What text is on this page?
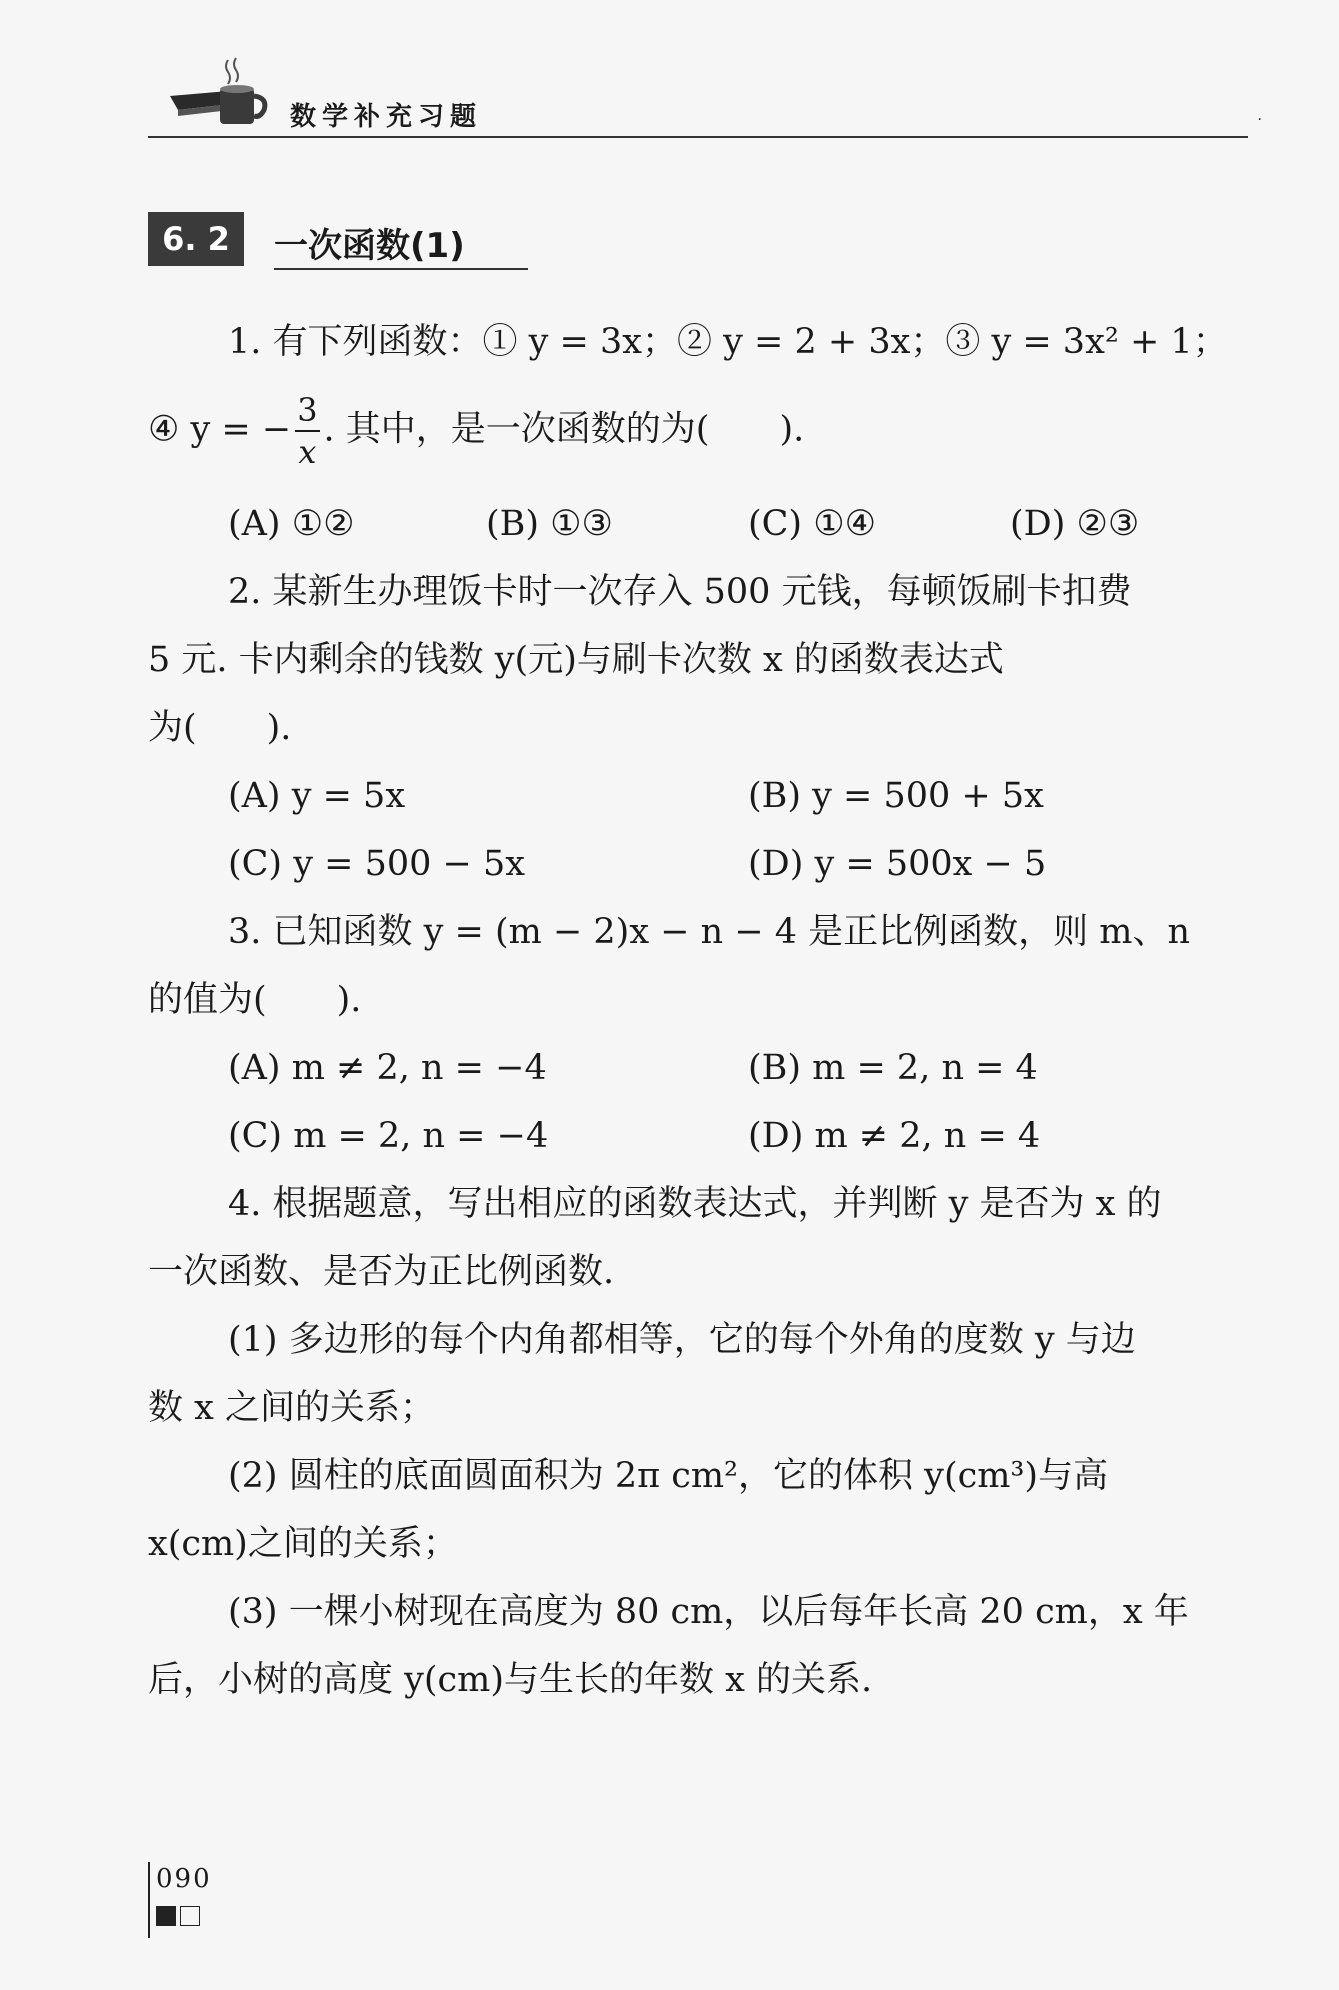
数学补充习题	·
6. 2	一次函数(1)
1. 有下列函数：① y = 3x；② y = 2 + 3x；③ y = 3x² + 1；
④ y = − $\frac{3}{x}$ . 其中，是一次函数的为(　　).
(A) ①②	(B) ①③	(C) ①④	(D) ②③
2. 某新生办理饭卡时一次存入 500 元钱，每顿饭刷卡扣费
5 元. 卡内剩余的钱数 y(元)与刷卡次数 x 的函数表达式
为(　　).
(A) y = 5x	(B) y = 500 + 5x
(C) y = 500 − 5x	(D) y = 500x − 5
3. 已知函数 y = (m − 2)x − n − 4 是正比例函数，则 m、n
的值为(　　).
(A) m ≠ 2, n = −4	(B) m = 2, n = 4
(C) m = 2, n = −4	(D) m ≠ 2, n = 4
4. 根据题意，写出相应的函数表达式，并判断 y 是否为 x 的
一次函数、是否为正比例函数.
(1) 多边形的每个内角都相等，它的每个外角的度数 y 与边
数 x 之间的关系；
(2) 圆柱的底面圆面积为 2π cm²，它的体积 y(cm³)与高
x(cm)之间的关系；
(3) 一棵小树现在高度为 80 cm，以后每年长高 20 cm，x 年
后，小树的高度 y(cm)与生长的年数 x 的关系.
090
